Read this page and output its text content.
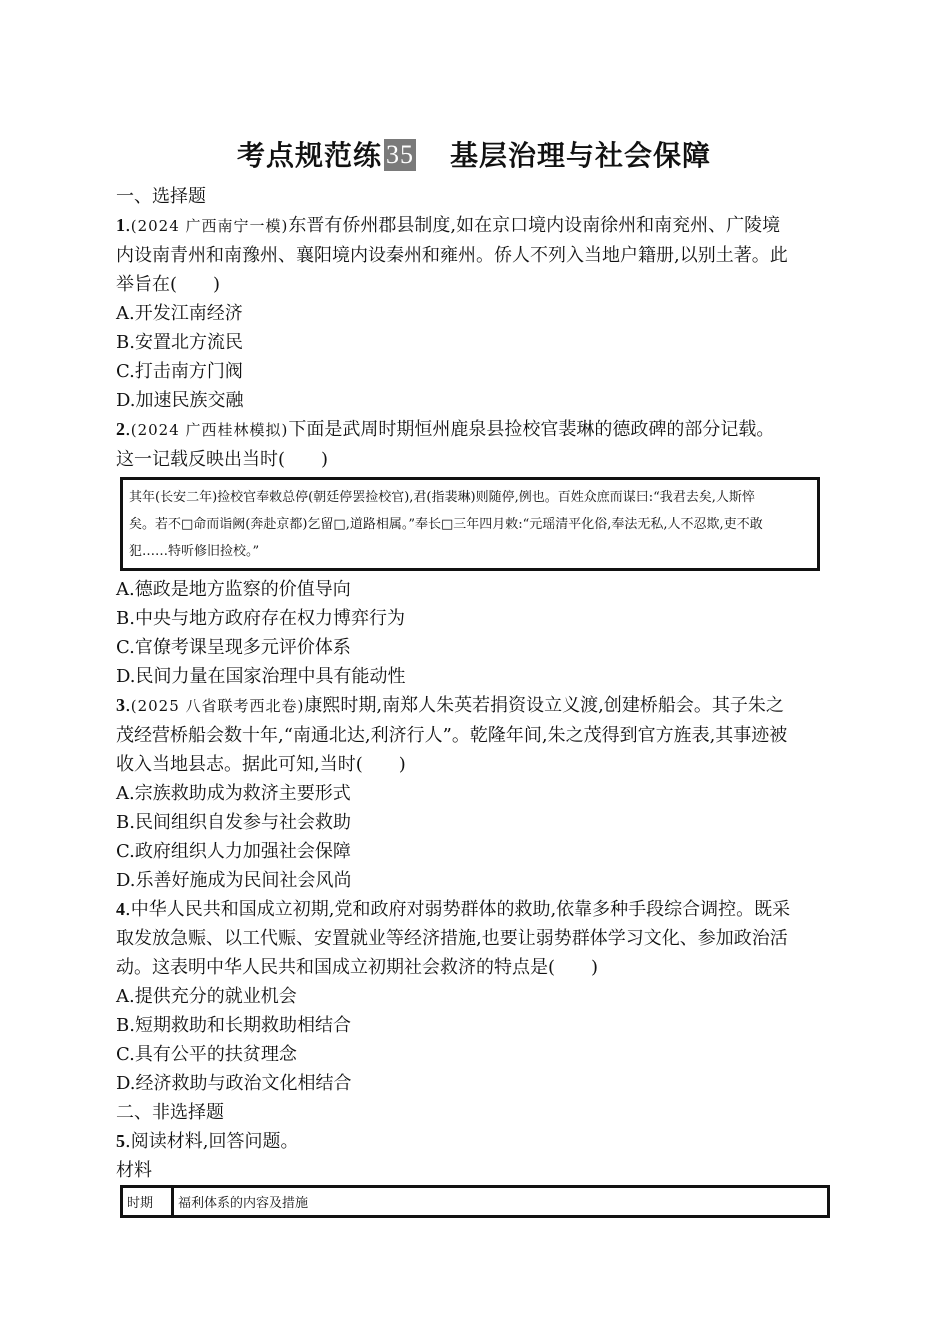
考点规范练 35 基层治理与社会保障
一、选择题
1.(2024 广西南宁一模)东晋有侨州郡县制度,如在京口境内设南徐州和南兖州、广陵境
内设南青州和南豫州、襄阳境内设秦州和雍州。侨人不列入当地户籍册,以别土著。此
举旨在(　　)
A.开发江南经济
B.安置北方流民
C.打击南方门阀
D.加速民族交融
2.(2024 广西桂林模拟)下面是武周时期恒州鹿泉县捡校官裴琳的德政碑的部分记载。
这一记载反映出当时(　　)
其年(长安二年)捡校官奉敕总停(朝廷停罢捡校官),君(指裴琳)则随停,例也。百姓众庶而谋曰:“我君去矣,人斯悴
矣。若不□命而诣阙(奔赴京都)乞留□,道路相属。”奉长□三年四月敕:“元瑶清平化俗,奉法无私,人不忍欺,吏不敢
犯……特听修旧捡校。”
A.德政是地方监察的价值导向
B.中央与地方政府存在权力博弈行为
C.官僚考课呈现多元评价体系
D.民间力量在国家治理中具有能动性
3.(2025 八省联考西北卷)康熙时期,南郑人朱英若捐资设立义渡,创建桥船会。其子朱之
茂经营桥船会数十年,“南通北达,利济行人”。乾隆年间,朱之茂得到官方旌表,其事迹被
收入当地县志。据此可知,当时(　　)
A.宗族救助成为救济主要形式
B.民间组织自发参与社会救助
C.政府组织人力加强社会保障
D.乐善好施成为民间社会风尚
4.中华人民共和国成立初期,党和政府对弱势群体的救助,依靠多种手段综合调控。既采
取发放急赈、以工代赈、安置就业等经济措施,也要让弱势群体学习文化、参加政治活
动。这表明中华人民共和国成立初期社会救济的特点是(　　)
A.提供充分的就业机会
B.短期救助和长期救助相结合
C.具有公平的扶贫理念
D.经济救助与政治文化相结合
二、非选择题
5.阅读材料,回答问题。
材料
时期	福利体系的内容及措施
